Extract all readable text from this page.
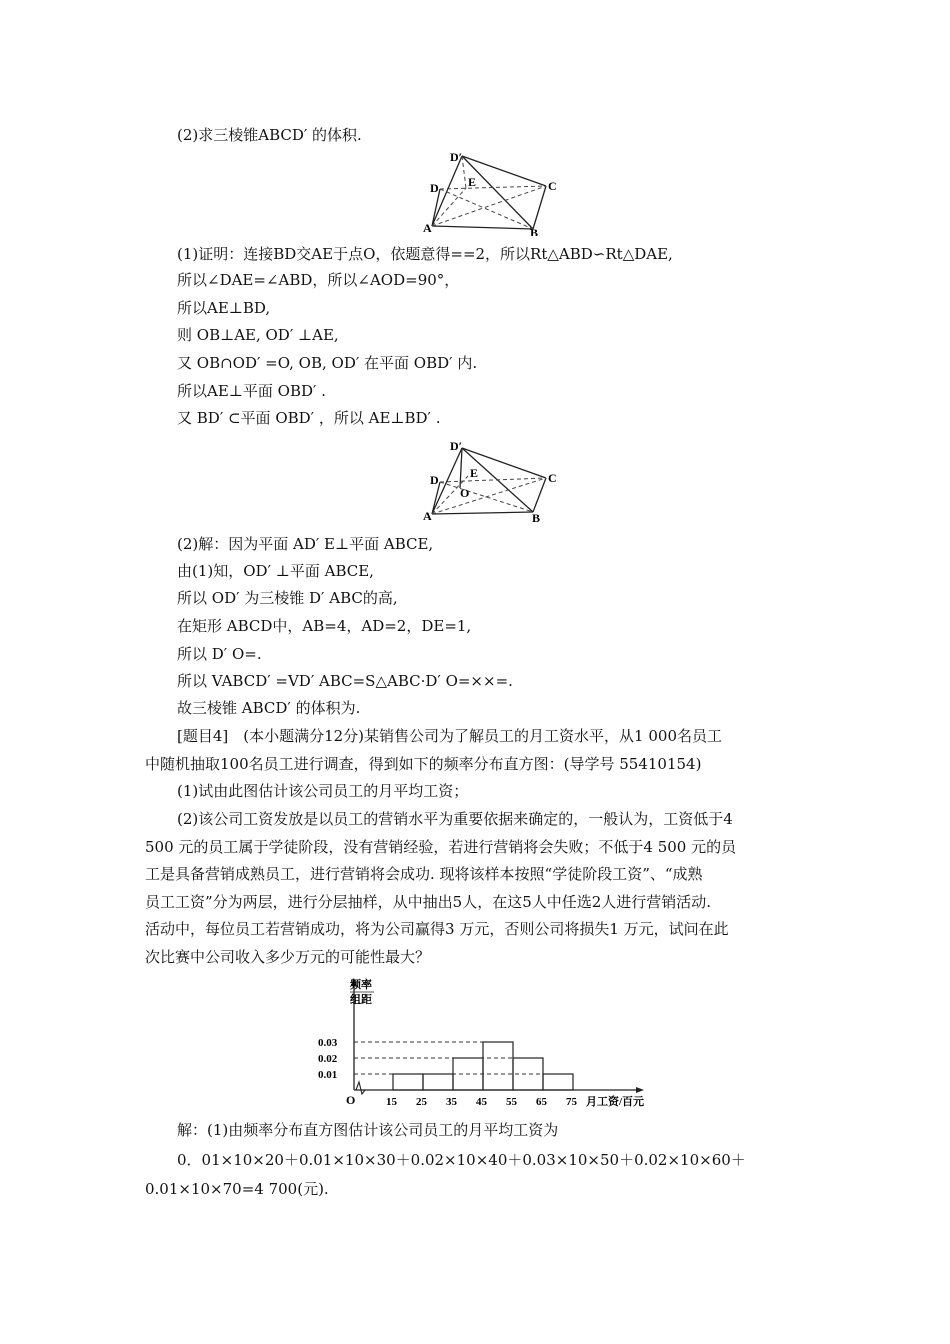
(2)求三棱锥ABCD′ 的体积.
D′
D E	C
A	B
(1)证明：连接BD交AE于点O，依题意得==2，所以Rt△ABD∽Rt△DAE,
所以∠DAE=∠ABD，所以∠AOD=90°，
所以AE⊥BD,
则 OB⊥AE, OD′ ⊥AE,
又 OB∩OD′ =O, OB, OD′ 在平面 OBD′ 内.
所以AE⊥平面 OBD′ .
又 BD′ ⊂平面 OBD′ ，所以 AE⊥BD′ .
D′
D	E
O
C
A	B
(2)解：因为平面 AD′ E⊥平面 ABCE,
由(1)知，OD′ ⊥平面 ABCE,
所以 OD′ 为三棱锥 D′ ABC的高,
在矩形 ABCD中，AB=4，AD=2，DE=1,
所以 D′ O=.
所以 VABCD′ =VD′ ABC=S△ABC·D′ O=××=.
故三棱锥 ABCD′ 的体积为.
[题目4]　(本小题满分12分)某销售公司为了解员工的月工资水平，从1 000名员工
中随机抽取100名员工进行调查，得到如下的频率分布直方图：(导学号 55410154)
(1)试由此图估计该公司员工的月平均工资；
(2)该公司工资发放是以员工的营销水平为重要依据来确定的，一般认为，工资低于4
500 元的员工属于学徒阶段，没有营销经验，若进行营销将会失败；不低于4 500 元的员
工是具备营销成熟员工，进行营销将会成功. 现将该样本按照“学徒阶段工资”、“成熟
员工工资”分为两层，进行分层抽样，从中抽出5人，在这5人中任选2人进行营销活动.
活动中，每位员工若营销成功，将为公司赢得3 万元，否则公司将损失1 万元，试问在此
次比赛中公司收入多少万元的可能性最大？
O
频率
组距
月工资/百元
0.01
0.02
0.03
15 25 35 45 55 65 75
解：(1)由频率分布直方图估计该公司员工的月平均工资为
0．01×10×20＋0.01×10×30＋0.02×10×40＋0.03×10×50＋0.02×10×60＋
0.01×10×70=4 700(元).
